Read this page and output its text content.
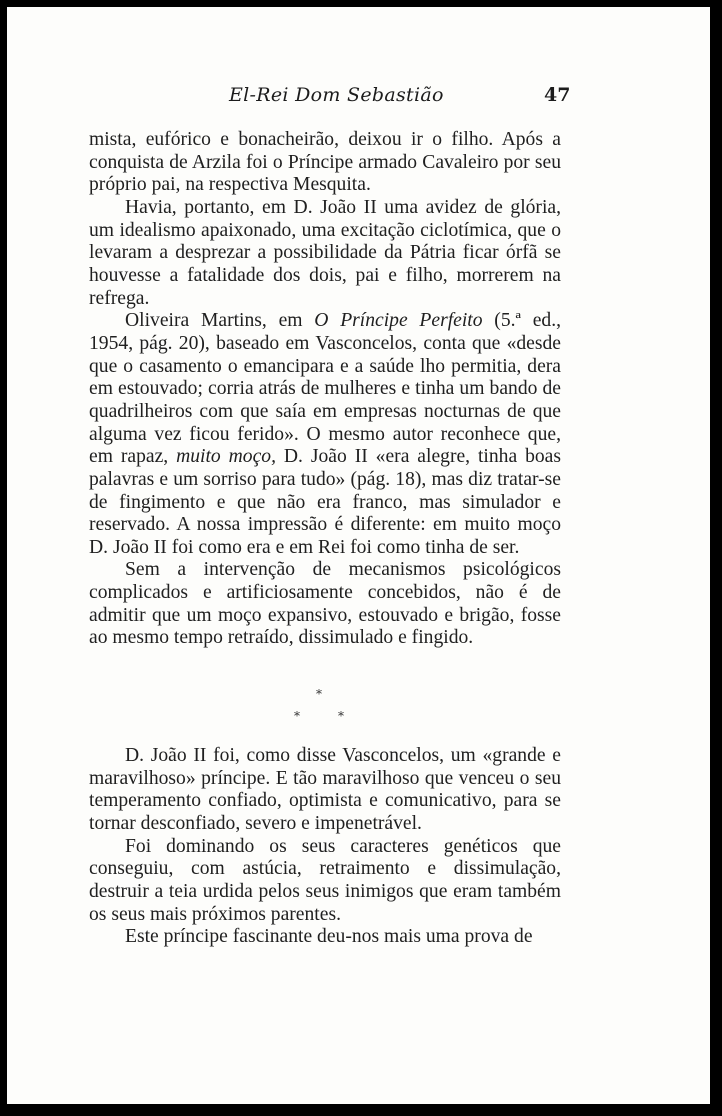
El-Rei Dom Sebastião	47

mista, eufórico e bonacheirão, deixou ir o filho. Após a conquista de Arzila foi o Príncipe armado Cavaleiro por seu próprio pai, na respectiva Mesquita.

Havia, portanto, em D. João II uma avidez de glória, um idealismo apaixonado, uma excitação ciclotímica, que o levaram a desprezar a possibilidade da Pátria ficar órfã se houvesse a fatalidade dos dois, pai e filho, morrerem na refrega.

Oliveira Martins, em O Príncipe Perfeito (5.ª ed., 1954, pág. 20), baseado em Vasconcelos, conta que «desde que o casamento o emancipara e a saúde lho permitia, dera em estouvado; corria atrás de mulheres e tinha um bando de quadrilheiros com que saía em empresas nocturnas de que alguma vez ficou ferido». O mesmo autor reconhece que, em rapaz, muito moço, D. João II «era alegre, tinha boas palavras e um sorriso para tudo» (pág. 18), mas diz tratar-se de fingimento e que não era franco, mas simulador e reservado. A nossa impressão é diferente: em muito moço D. João II foi como era e em Rei foi como tinha de ser.

Sem a intervenção de mecanismos psicológicos complicados e artificiosamente concebidos, não é de admitir que um moço expansivo, estouvado e brigão, fosse ao mesmo tempo retraído, dissimulado e fingido.

*
*	*

D. João II foi, como disse Vasconcelos, um «grande e maravilhoso» príncipe. E tão maravilhoso que venceu o seu temperamento confiado, optimista e comunicativo, para se tornar desconfiado, severo e impenetrável.

Foi dominando os seus caracteres genéticos que conseguiu, com astúcia, retraimento e dissimulação, destruir a teia urdida pelos seus inimigos que eram também os seus mais próximos parentes.

Este príncipe fascinante deu-nos mais uma prova de
